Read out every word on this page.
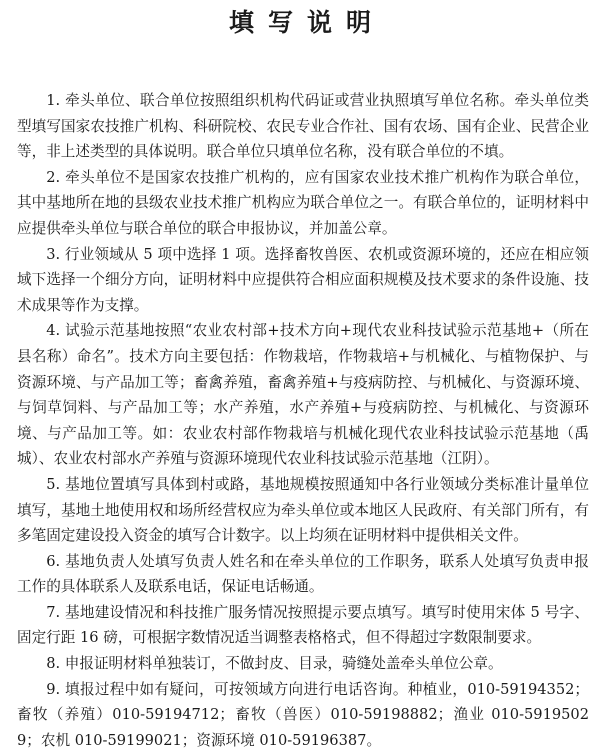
填写说明

1. 牵头单位、联合单位按照组织机构代码证或营业执照填写单位名称。牵头单位类型填写国家农技推广机构、科研院校、农民专业合作社、国有农场、国有企业、民营企业等，非上述类型的具体说明。联合单位只填单位名称，没有联合单位的不填。

2. 牵头单位不是国家农技推广机构的，应有国家农业技术推广机构作为联合单位，其中基地所在地的县级农业技术推广机构应为联合单位之一。有联合单位的，证明材料中应提供牵头单位与联合单位的联合申报协议，并加盖公章。

3. 行业领域从 5 项中选择 1 项。选择畜牧兽医、农机或资源环境的，还应在相应领域下选择一个细分方向，证明材料中应提供符合相应面积规模及技术要求的条件设施、技术成果等作为支撑。

4. 试验示范基地按照“农业农村部+技术方向+现代农业科技试验示范基地+（所在县名称）命名”。技术方向主要包括：作物栽培，作物栽培+与机械化、与植物保护、与资源环境、与产品加工等；畜禽养殖，畜禽养殖+与疫病防控、与机械化、与资源环境、与饲草饲料、与产品加工等；水产养殖，水产养殖+与疫病防控、与机械化、与资源环境、与产品加工等。如：农业农村部作物栽培与机械化现代农业科技试验示范基地（禹城）、农业农村部水产养殖与资源环境现代农业科技试验示范基地（江阴）。

5. 基地位置填写具体到村或路，基地规模按照通知中各行业领域分类标准计量单位填写，基地土地使用权和场所经营权应为牵头单位或本地区人民政府、有关部门所有，有多笔固定建设投入资金的填写合计数字。以上均须在证明材料中提供相关文件。

6. 基地负责人处填写负责人姓名和在牵头单位的工作职务，联系人处填写负责申报工作的具体联系人及联系电话，保证电话畅通。

7. 基地建设情况和科技推广服务情况按照提示要点填写。填写时使用宋体 5 号字、固定行距 16 磅，可根据字数情况适当调整表格格式，但不得超过字数限制要求。

8. 申报证明材料单独装订，不做封皮、目录，骑缝处盖牵头单位公章。

9. 填报过程中如有疑问，可按领域方向进行电话咨询。种植业，010-59194352；畜牧（养殖）010-59194712；畜牧（兽医）010-59198882；渔业 010-59195029；农机 010-59199021；资源环境 010-59196387。
